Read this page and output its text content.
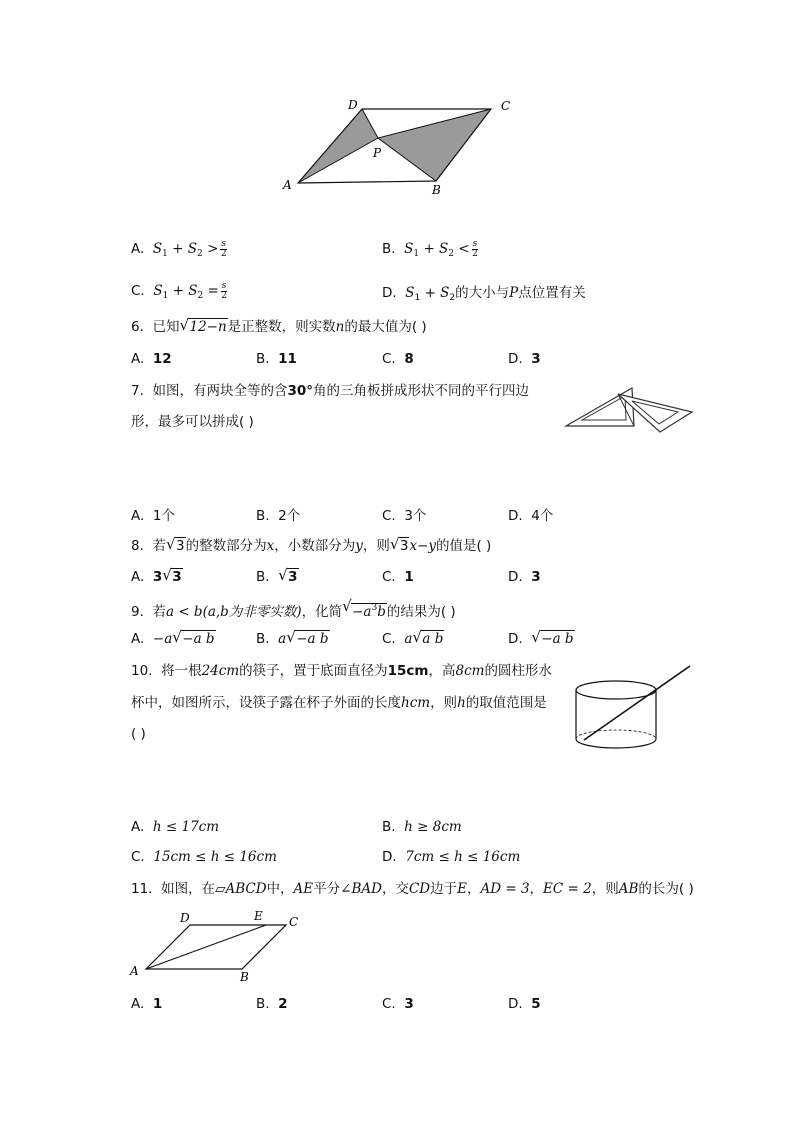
D	C
P
A	B
A. $S_1 + S_2 > \frac{s}{2}$	B. $S_1 + S_2 < \frac{s}{2}$
C. $S_1 + S_2 = \frac{s}{2}$	D. $S_1 + S_2$的大小与P点位置有关
6. 已知 √ 12−n是正整数，则实数n的最大值为( )
A. 12	B. 11	C. 8	D. 3
7. 如图，有两块全等的含30°角的三角板拼成形状不同的平行四边
形，最多可以拼成( )
A. 1个	B. 2个	C. 3个	D. 4个
8. 若 √ 3的整数部分为x，小数部分为y，则 √ 3x−y的值是( )
A. 3 √ 3	B. √ 3	C. 1	D. 3
9. 若a < b(a,b为非零实数)，化简 √ $-a^3b$的结果为( )
A. −a √ −a b	B. a √ −a b	C. a √ a b	D. √ −a b
10. 将一根24cm的筷子，置于底面直径为15cm，高8cm的圆柱形水
杯中，如图所示，设筷子露在杯子外面的长度hcm，则h的取值范围是
( )
A. h ≤ 17cm	B. h ≥ 8cm
C. 15cm ≤ h ≤ 16cm	D. 7cm ≤ h ≤ 16cm
11. 如图，在▱ABCD中，AE平分∠BAD，交CD边于E，AD = 3，EC = 2，则AB的长为( )
D	E C
A	B
A. 1	B. 2	C. 3	D. 5
